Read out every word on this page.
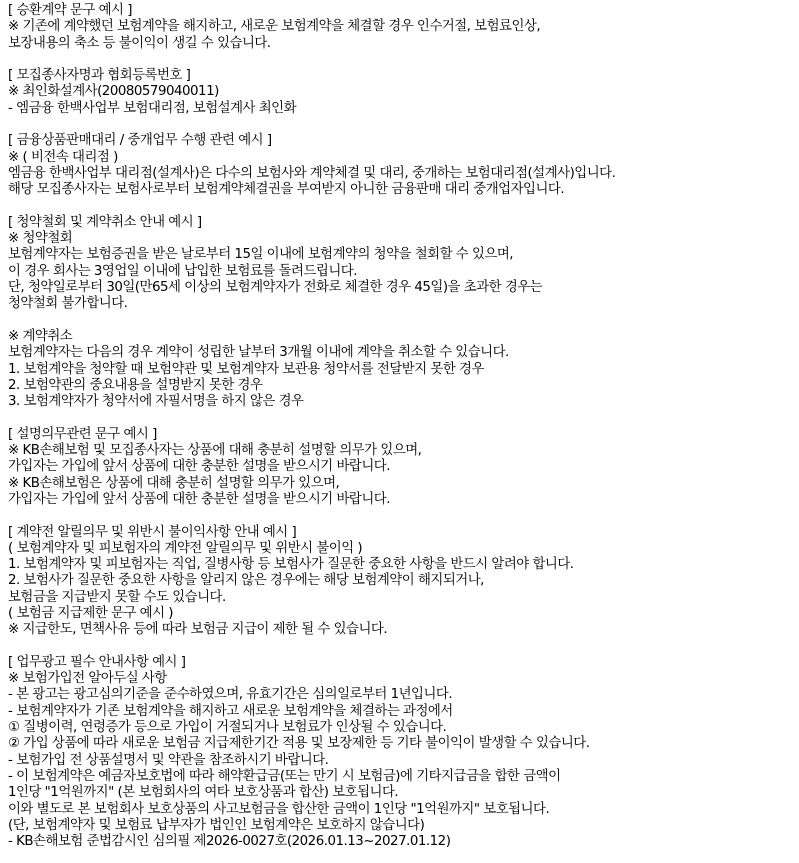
[ 승환계약 문구 예시 ]
※ 기존에 계약했던 보험계약을 해지하고, 새로운 보험계약을 체결할 경우 인수거절, 보험료인상,
보장내용의 축소 등 불이익이 생길 수 있습니다.
[ 모집종사자명과 협회등록번호 ]
※ 최인화설계사(20080579040011)
- 엠금융 한백사업부 보험대리점, 보험설계사 최인화
[ 금융상품판매대리 / 중개업무 수행 관련 예시 ]
※ ( 비전속 대리점 )
엠금융 한백사업부 대리점(설계사)은 다수의 보험사와 계약체결 및 대리, 중개하는 보험대리점(설계사)입니다.
해당 모집종사자는 보험사로부터 보험계약체결권을 부여받지 아니한 금융판매 대리 중개업자입니다.
[ 청약철회 및 계약취소 안내 예시 ]
※ 청약철회
보험계약자는 보험증권을 받은 날로부터 15일 이내에 보험계약의 청약을 철회할 수 있으며,
이 경우 회사는 3영업일 이내에 납입한 보험료를 돌려드립니다.
단, 청약일로부터 30일(만65세 이상의 보험계약자가 전화로 체결한 경우 45일)을 초과한 경우는
청약철회 불가합니다.
※ 계약취소
보험계약자는 다음의 경우 계약이 성립한 날부터 3개월 이내에 계약을 취소할 수 있습니다.
1. 보험계약을 청약할 때 보험약관 및 보험계약자 보관용 청약서를 전달받지 못한 경우
2. 보험약관의 중요내용을 설명받지 못한 경우
3. 보험계약자가 청약서에 자필서명을 하지 않은 경우
[ 설명의무관련 문구 예시 ]
※ KB손해보험 및 모집종사자는 상품에 대해 충분히 설명할 의무가 있으며,
가입자는 가입에 앞서 상품에 대한 충분한 설명을 받으시기 바랍니다.
※ KB손해보험은 상품에 대해 충분히 설명할 의무가 있으며,
가입자는 가입에 앞서 상품에 대한 충분한 설명을 받으시기 바랍니다.
[ 계약전 알릴의무 및 위반시 불이익사항 안내 예시 ]
( 보험계약자 및 피보험자의 계약전 알릴의무 및 위반시 불이익 )
1. 보험계약자 및 피보험자는 직업, 질병사항 등 보험사가 질문한 중요한 사항을 반드시 알려야 합니다.
2. 보험사가 질문한 중요한 사항을 알리지 않은 경우에는 해당 보험계약이 해지되거나,
보험금을 지급받지 못할 수도 있습니다.
( 보험금 지급제한 문구 예시 )
※ 지급한도, 면책사유 등에 따라 보험금 지급이 제한 될 수 있습니다.
[ 업무광고 필수 안내사항 예시 ]
※ 보험가입전 알아두실 사항
- 본 광고는 광고심의기준을 준수하였으며, 유효기간은 심의일로부터 1년입니다.
- 보험계약자가 기존 보험계약을 해지하고 새로운 보험계약을 체결하는 과정에서
① 질병이력, 연령증가 등으로 가입이 거절되거나 보험료가 인상될 수 있습니다.
② 가입 상품에 따라 새로운 보험금 지급제한기간 적용 및 보장제한 등 기타 불이익이 발생할 수 있습니다.
- 보험가입 전 상품설명서 및 약관을 참조하시기 바랍니다.
- 이 보험계약은 예금자보호법에 따라 해약환급금(또는 만기 시 보험금)에 기타지급금을 합한 금액이
1인당 "1억원까지" (본 보험회사의 여타 보호상품과 합산) 보호됩니다.
이와 별도로 본 보험회사 보호상품의 사고보험금을 합산한 금액이 1인당 "1억원까지" 보호됩니다.
(단, 보험계약자 및 보험료 납부자가 법인인 보험계약은 보호하지 않습니다)
- KB손해보험 준법감시인 심의필 제2026-0027호(2026.01.13~2027.01.12)
